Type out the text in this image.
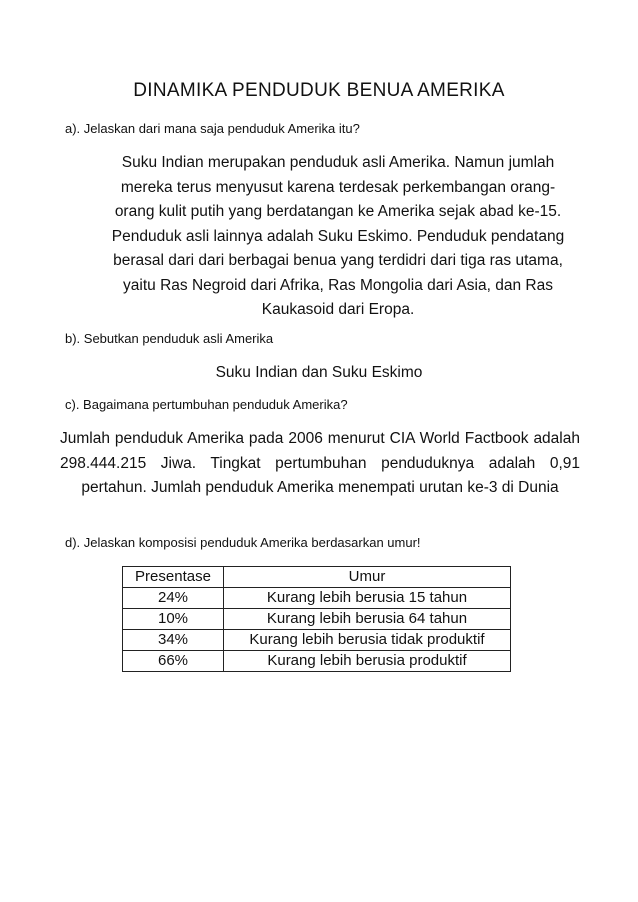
DINAMIKA PENDUDUK BENUA AMERIKA

a). Jelaskan dari mana saja penduduk Amerika itu?

Suku Indian merupakan penduduk asli Amerika. Namun jumlah mereka terus menyusut karena terdesak perkembangan orang-orang kulit putih yang berdatangan ke Amerika sejak abad ke-15. Penduduk asli lainnya adalah Suku Eskimo. Penduduk pendatang berasal dari dari berbagai benua yang terdidri dari tiga ras utama, yaitu Ras Negroid dari Afrika, Ras Mongolia dari Asia, dan Ras Kaukasoid dari Eropa.

b). Sebutkan penduduk asli Amerika

Suku Indian dan Suku Eskimo

c). Bagaimana pertumbuhan penduduk Amerika?

Jumlah penduduk Amerika pada 2006 menurut CIA World Factbook adalah 298.444.215 Jiwa. Tingkat pertumbuhan penduduknya adalah 0,91 pertahun. Jumlah penduduk Amerika menempati urutan ke-3 di Dunia

d). Jelaskan komposisi penduduk Amerika berdasarkan umur!

Presentase	Umur
24%	Kurang lebih berusia 15 tahun
10%	Kurang lebih berusia 64 tahun
34%	Kurang lebih berusia tidak produktif
66%	Kurang lebih berusia produktif
